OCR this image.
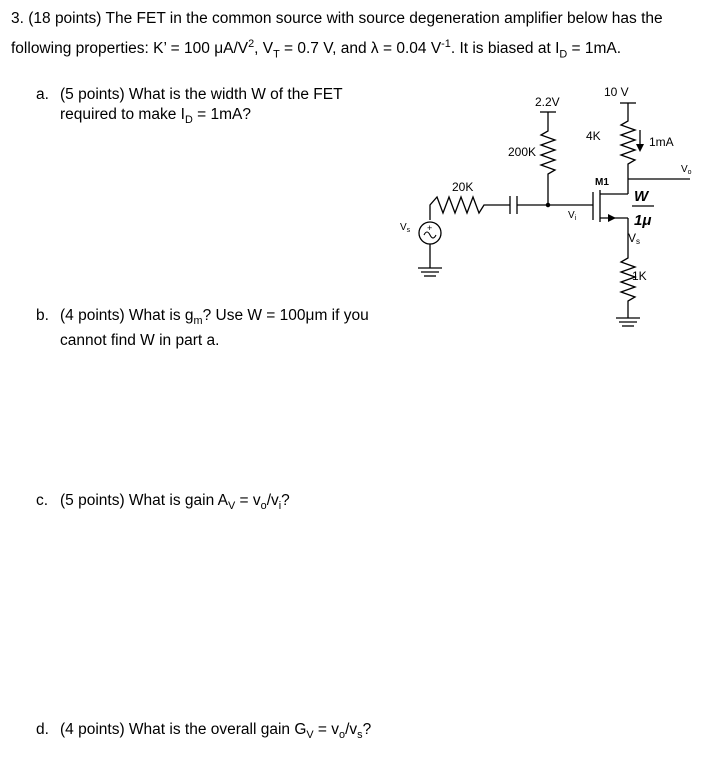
3. (18 points) The FET in the common source with source degeneration amplifier below has the
following properties: K’ = 100 $\mu A/V^2$, $V_T = 0.7$ V, and λ = 0.04 $V^{-1}$. It is biased at $I_D = 1mA$.
a. (5 points) What is the width W of the FET
required to make $I_D = 1mA$?
b. (4 points) What is $g_m$? Use W = 100μm if you
cannot find W in part a.
c. (5 points) What is gain $A_V = v_o/v_i$?
d. (4 points) What is the overall gain $G_V = v_o/v_s$?
10 V
2.2V
4K	1mA
200K
20K	M1
W
1μ
1K
$V_o$
$V_i$
Vs
$V_s$ +
